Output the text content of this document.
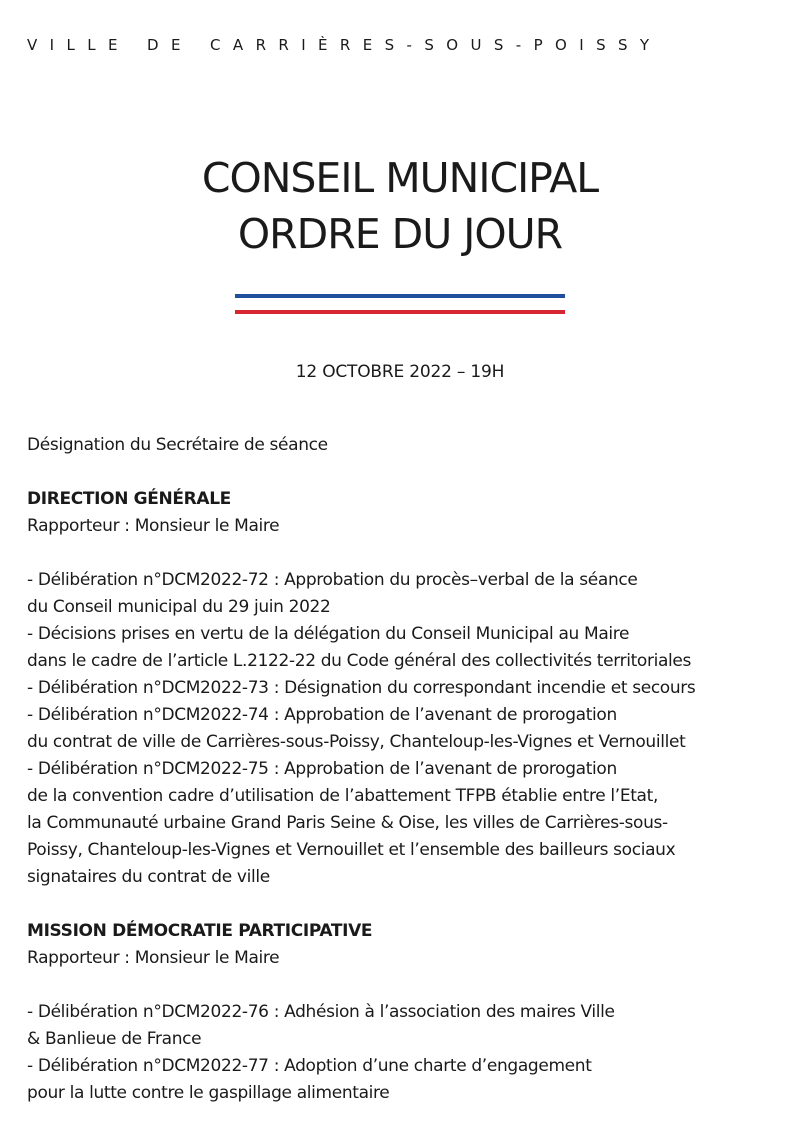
VILLE DE CARRIÈRES-SOUS-POISSY
CONSEIL MUNICIPAL
ORDRE DU JOUR
12 OCTOBRE 2022 – 19H

Désignation du Secrétaire de séance

DIRECTION GÉNÉRALE

Rapporteur : Monsieur le Maire

- Délibération n°DCM2022-72 : Approbation du procès–verbal de la séance

du Conseil municipal du 29 juin 2022

- Décisions prises en vertu de la délégation du Conseil Municipal au Maire

dans le cadre de l’article L.2122-22 du Code général des collectivités territoriales

- Délibération n°DCM2022-73 : Désignation du correspondant incendie et secours

- Délibération n°DCM2022-74 : Approbation de l’avenant de prorogation

du contrat de ville de Carrières-sous-Poissy, Chanteloup-les-Vignes et Vernouillet

- Délibération n°DCM2022-75 : Approbation de l’avenant de prorogation

de la convention cadre d’utilisation de l’abattement TFPB établie entre l’Etat,

la Communauté urbaine Grand Paris Seine & Oise, les villes de Carrières-sous-

Poissy, Chanteloup-les-Vignes et Vernouillet et l’ensemble des bailleurs sociaux

signataires du contrat de ville

MISSION DÉMOCRATIE PARTICIPATIVE

Rapporteur : Monsieur le Maire

- Délibération n°DCM2022-76 : Adhésion à l’association des maires Ville

& Banlieue de France

- Délibération n°DCM2022-77 : Adoption d’une charte d’engagement

pour la lutte contre le gaspillage alimentaire
